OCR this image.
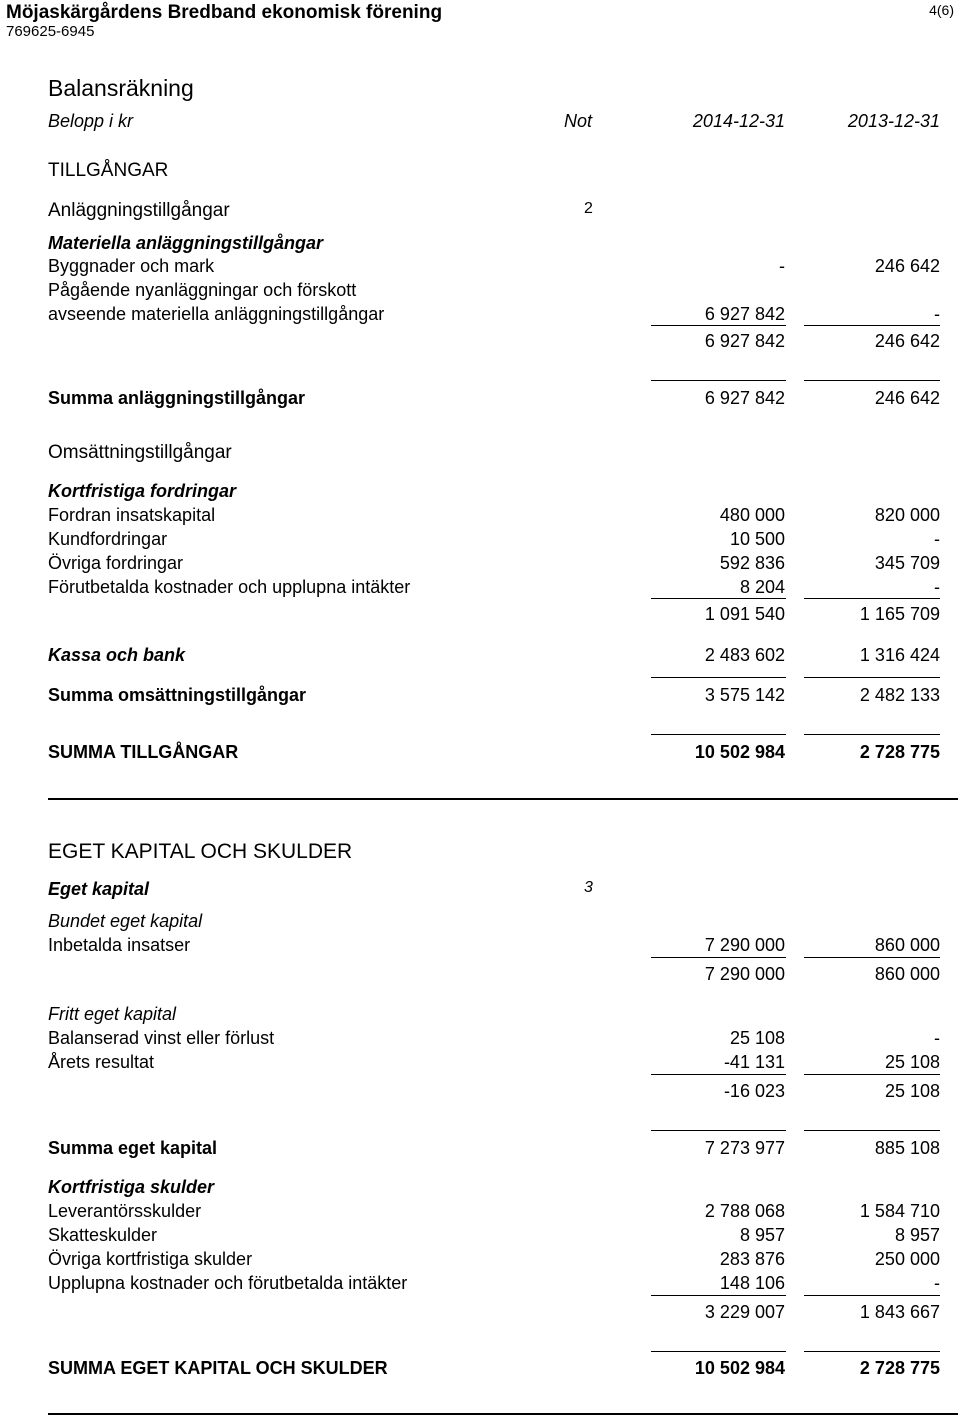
Möjaskärgårdens Bredband ekonomisk förening
769625-6945
4(6)
Balansräkning
Belopp i kr	Not	2014-12-31	2013-12-31
TILLGÅNGAR
Anläggningstillgångar	2
Materiella anläggningstillgångar
Byggnader och mark	-	246 642
Pågående nyanläggningar och förskott
avseende materiella anläggningstillgångar	6 927 842	-
6 927 842	246 642
Summa anläggningstillgångar	6 927 842	246 642
Omsättningstillgångar
Kortfristiga fordringar
Fordran insatskapital	480 000	820 000
Kundfordringar	10 500	-
Övriga fordringar	592 836	345 709
Förutbetalda kostnader och upplupna intäkter	8 204	-
1 091 540	1 165 709
Kassa och bank	2 483 602	1 316 424
Summa omsättningstillgångar	3 575 142	2 482 133
SUMMA TILLGÅNGAR	10 502 984	2 728 775
EGET KAPITAL OCH SKULDER
Eget kapital	3
Bundet eget kapital
Inbetalda insatser	7 290 000	860 000
7 290 000	860 000
Fritt eget kapital
Balanserad vinst eller förlust	25 108	-
Årets resultat	-41 131	25 108
-16 023	25 108
Summa eget kapital	7 273 977	885 108
Kortfristiga skulder
Leverantörsskulder	2 788 068	1 584 710
Skatteskulder	8 957	8 957
Övriga kortfristiga skulder	283 876	250 000
Upplupna kostnader och förutbetalda intäkter	148 106	-
3 229 007	1 843 667
SUMMA EGET KAPITAL OCH SKULDER	10 502 984	2 728 775
